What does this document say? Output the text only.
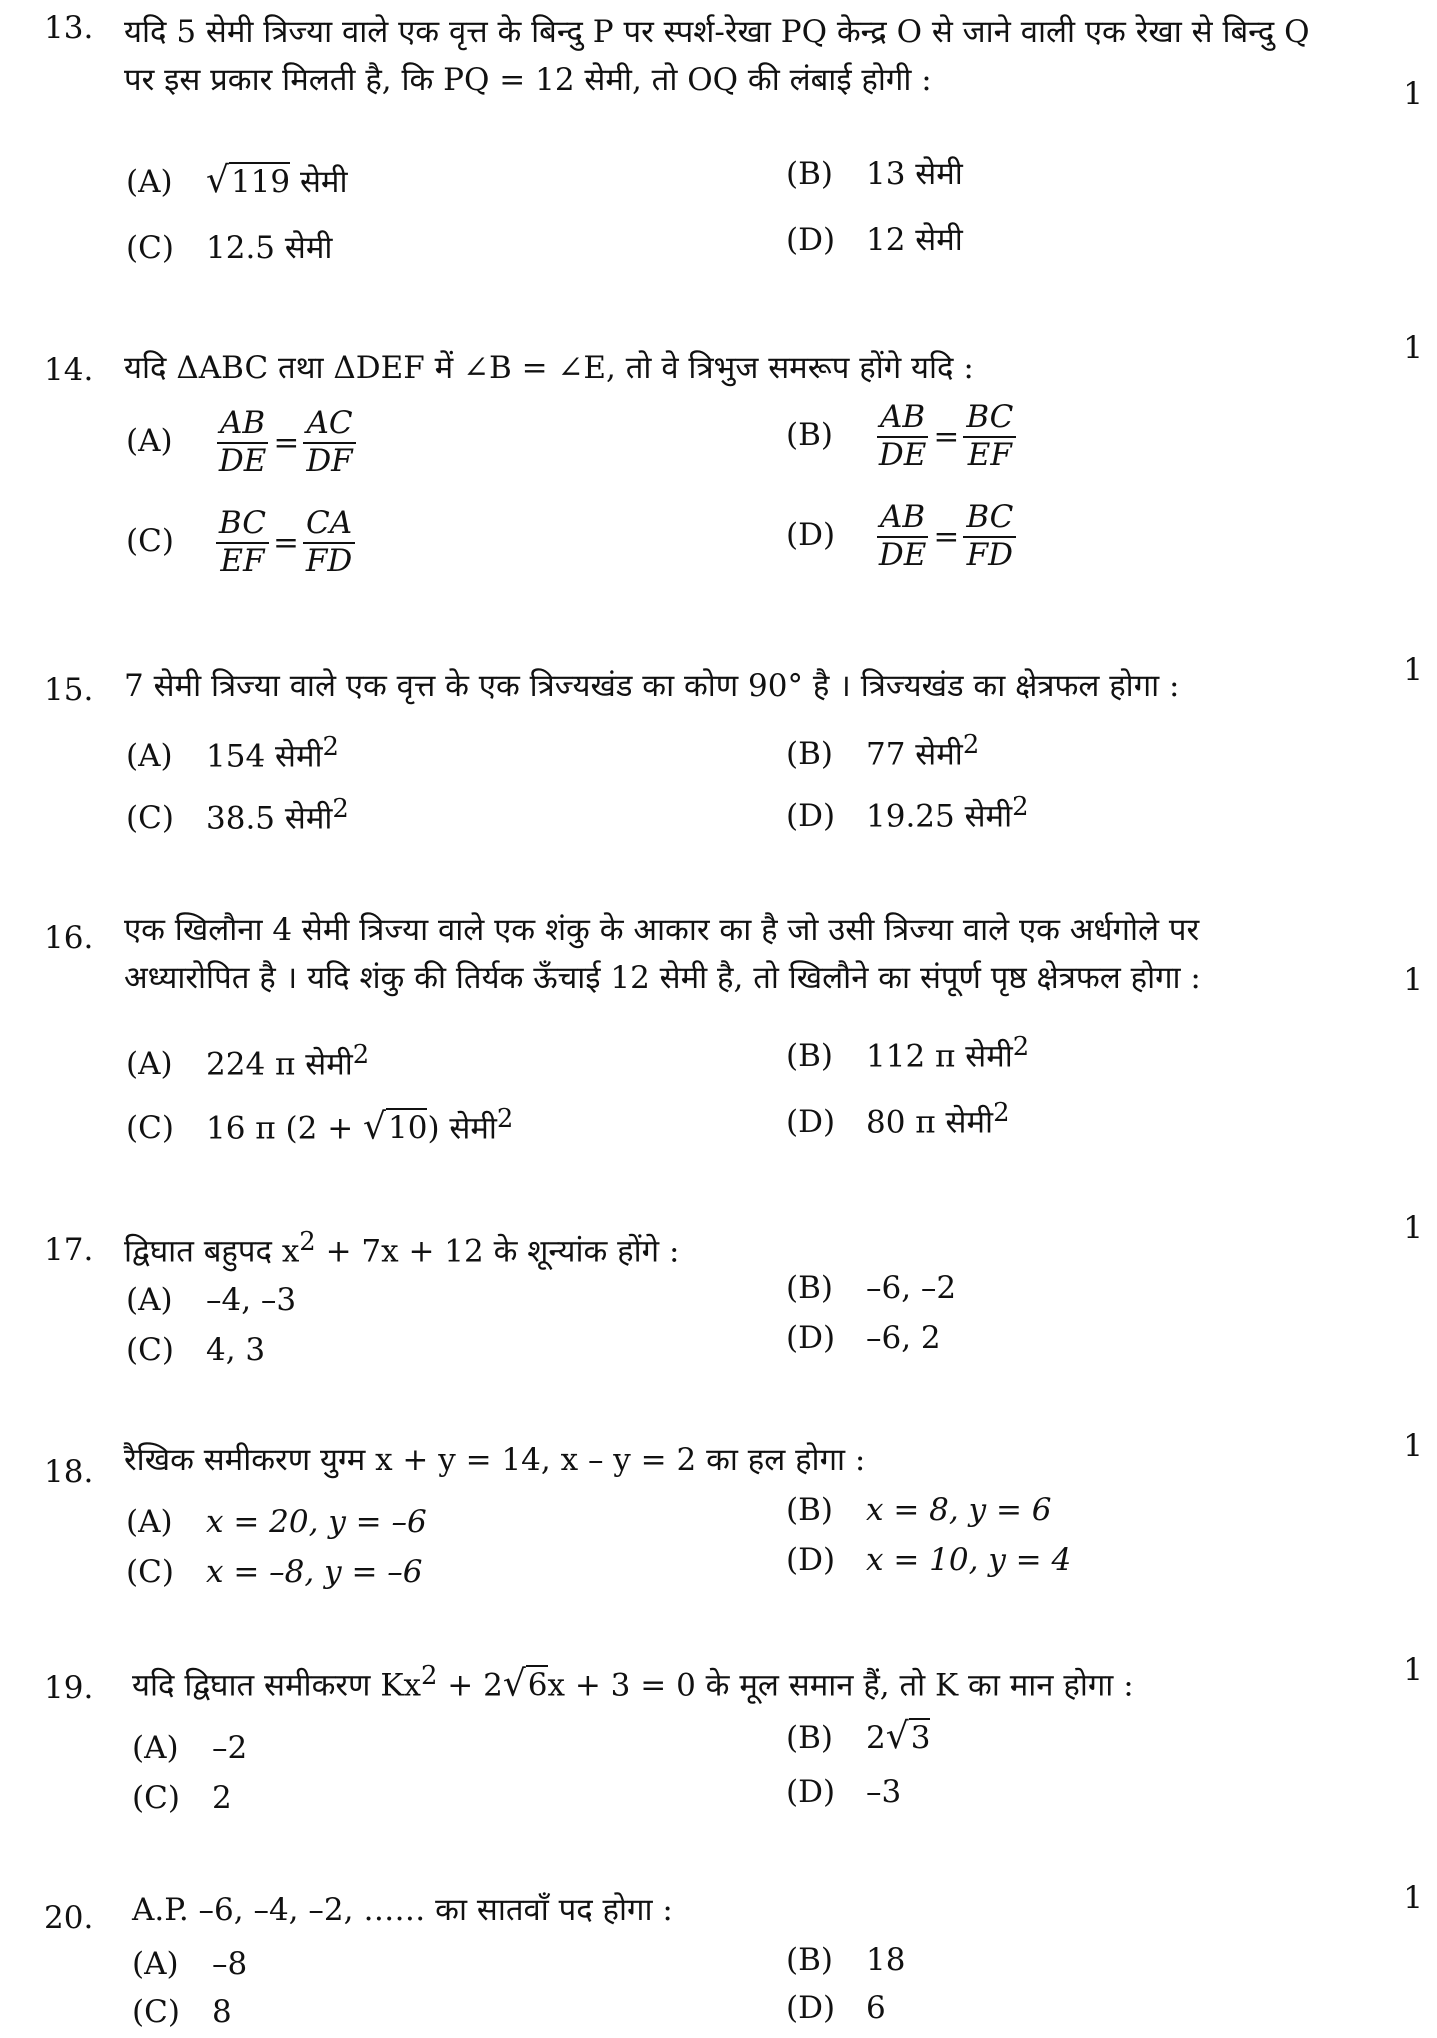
13. यदि 5 सेमी त्रिज्या वाले एक वृत्त के बिन्दु P पर स्पर्श-रेखा PQ केन्द्र O से जाने वाली एक रेखा से बिन्दु Q
पर इस प्रकार मिलती है, कि PQ = 12 सेमी, तो OQ की लंबाई होगी :	1
(A) √119 सेमी	(B) 13 सेमी
(C) 12.5 सेमी	(D) 12 सेमी
14. यदि ΔABC तथा ΔDEF में ∠B = ∠E, तो वे त्रिभुज समरूप होंगे यदि :
1
$(A) \frac{AB}{DE} = \frac{AC}{DF}$	$(B) \frac{AB}{DE} = \frac{BC}{EF}$
$(C) \frac{BC}{EF} = \frac{CA}{FD}$	$(D) \frac{AB}{DE} = \frac{BC}{FD}$
15. 7 सेमी त्रिज्या वाले एक वृत्त के एक त्रिज्यखंड का कोण 90° है । त्रिज्यखंड का क्षेत्रफल होगा :	1
(A) 154 सेमी$^2$	(B) 77 सेमी$^2$
(C) 38.5 सेमी$^2$	(D) 19.25 सेमी$^2$
16. एक खिलौना 4 सेमी त्रिज्या वाले एक शंकु के आकार का है जो उसी त्रिज्या वाले एक अर्धगोले पर
अध्यारोपित है । यदि शंकु की तिर्यक ऊँचाई 12 सेमी है, तो खिलौने का संपूर्ण पृष्ठ क्षेत्रफल होगा :	1
(A) 224 π सेमी$^2$	(B) 112 π सेमी$^2$
(C) 16 π (2 + √10) सेमी$^2$	(D) 80 π सेमी$^2$
17. द्विघात बहुपद $x^2 + 7x + 12$ के शून्यांक होंगे :
1
(A) –4, –3	(B) –6, –2
(C) 4, 3	(D) –6, 2
18. रैखिक समीकरण युग्म x + y = 14, x – y = 2 का हल होगा :	1
(A) x = 20, y = –6	(B) x = 8, y = 6
(C) x = –8, y = –6	(D) x = 10, y = 4
19. यदि द्विघात समीकरण $Kx^2 + 2√6x + 3 = 0$ के मूल समान हैं, तो K का मान होगा :	1
(A) –2	(B) 2√3
(C) 2	(D) –3
20. A.P. –6, –4, –2, …… का सातवाँ पद होगा :	1
(A) –8	(B) 18
(C) 8	(D) 6
